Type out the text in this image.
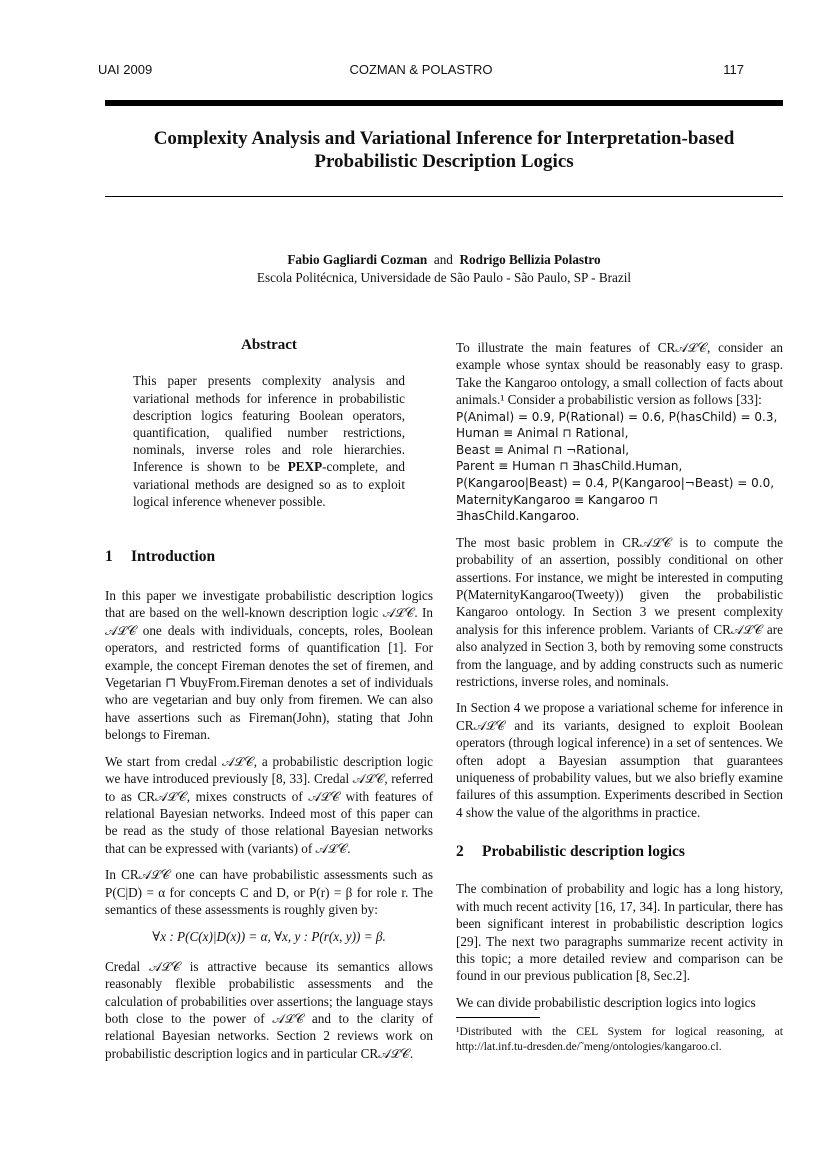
UAI 2009	COZMAN & POLASTRO	117
Complexity Analysis and Variational Inference for Interpretation-based Probabilistic Description Logics
Fabio Gagliardi Cozman and Rodrigo Bellizia Polastro
Escola Politécnica, Universidade de São Paulo - São Paulo, SP - Brazil
Abstract

This paper presents complexity analysis and variational methods for inference in probabilistic description logics featuring Boolean operators, quantification, qualified number restrictions, nominals, inverse roles and role hierarchies. Inference is shown to be PEXP-complete, and variational methods are designed so as to exploit logical inference whenever possible.

1 Introduction

In this paper we investigate probabilistic description logics that are based on the well-known description logic 𝒜ℒ𝒞. In 𝒜ℒ𝒞 one deals with individuals, concepts, roles, Boolean operators, and restricted forms of quantification [1]. For example, the concept Fireman denotes the set of firemen, and Vegetarian ⊓ ∀buyFrom.Fireman denotes a set of individuals who are vegetarian and buy only from firemen. We can also have assertions such as Fireman(John), stating that John belongs to Fireman.

We start from credal 𝒜ℒ𝒞, a probabilistic description logic we have introduced previously [8, 33]. Credal 𝒜ℒ𝒞, referred to as CR𝒜ℒ𝒞, mixes constructs of 𝒜ℒ𝒞 with features of relational Bayesian networks. Indeed most of this paper can be read as the study of those relational Bayesian networks that can be expressed with (variants) of 𝒜ℒ𝒞.

In CR𝒜ℒ𝒞 one can have probabilistic assessments such as P(C|D) = α for concepts C and D, or P(r) = β for role r. The semantics of these assessments is roughly given by:

∀x : P(C(x)|D(x)) = α, ∀x, y : P(r(x, y)) = β.

Credal 𝒜ℒ𝒞 is attractive because its semantics allows reasonably flexible probabilistic assessments and the calculation of probabilities over assertions; the language stays both close to the power of 𝒜ℒ𝒞 and to the clarity of relational Bayesian networks. Section 2 reviews work on probabilistic description logics and in particular CR𝒜ℒ𝒞.

To illustrate the main features of CR𝒜ℒ𝒞, consider an example whose syntax should be reasonably easy to grasp. Take the Kangaroo ontology, a small collection of facts about animals.¹ Consider a probabilistic version as follows [33]:

P(Animal) = 0.9, P(Rational) = 0.6, P(hasChild) = 0.3,
Human ≡ Animal ⊓ Rational,
Beast ≡ Animal ⊓ ¬Rational,
Parent ≡ Human ⊓ ∃hasChild.Human,
P(Kangaroo|Beast) = 0.4, P(Kangaroo|¬Beast) = 0.0,
MaternityKangaroo ≡ Kangaroo ⊓ ∃hasChild.Kangaroo.

The most basic problem in CR𝒜ℒ𝒞 is to compute the probability of an assertion, possibly conditional on other assertions. For instance, we might be interested in computing P(MaternityKangaroo(Tweety)) given the probabilistic Kangaroo ontology. In Section 3 we present complexity analysis for this inference problem. Variants of CR𝒜ℒ𝒞 are also analyzed in Section 3, both by removing some constructs from the language, and by adding constructs such as numeric restrictions, inverse roles, and nominals.

In Section 4 we propose a variational scheme for inference in CR𝒜ℒ𝒞 and its variants, designed to exploit Boolean operators (through logical inference) in a set of sentences. We often adopt a Bayesian assumption that guarantees uniqueness of probability values, but we also briefly examine failures of this assumption. Experiments described in Section 4 show the value of the algorithms in practice.

2 Probabilistic description logics

The combination of probability and logic has a long history, with much recent activity [16, 17, 34]. In particular, there has been significant interest in probabilistic description logics [29]. The next two paragraphs summarize recent activity in this topic; a more detailed review and comparison can be found in our previous publication [8, Sec.2].

We can divide probabilistic description logics into logics

¹Distributed with the CEL System for logical reasoning, at http://lat.inf.tu-dresden.de/˜meng/ontologies/kangaroo.cl.
